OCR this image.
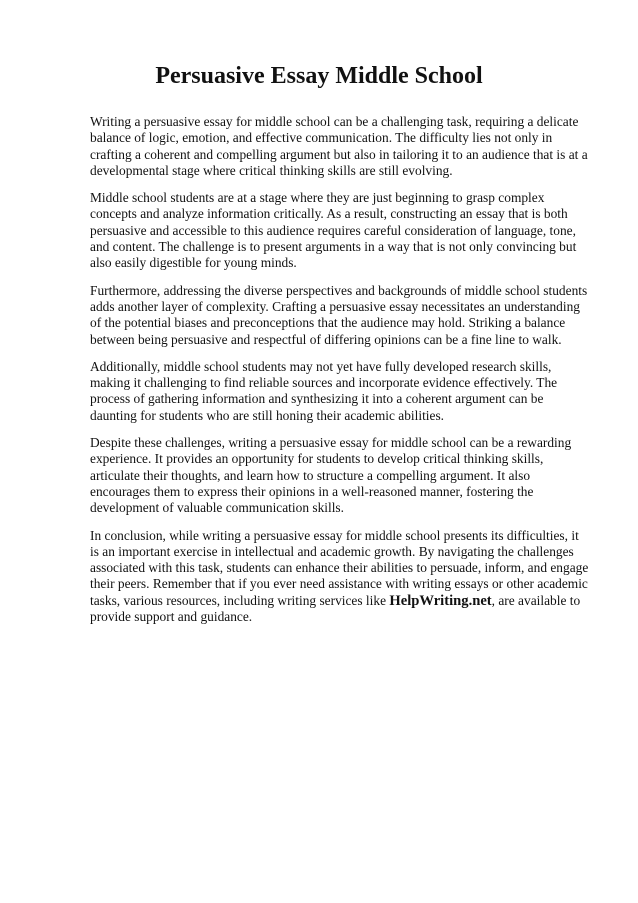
Persuasive Essay Middle School

Writing a persuasive essay for middle school can be a challenging task, requiring a delicate balance of logic, emotion, and effective communication. The difficulty lies not only in crafting a coherent and compelling argument but also in tailoring it to an audience that is at a developmental stage where critical thinking skills are still evolving.

Middle school students are at a stage where they are just beginning to grasp complex concepts and analyze information critically. As a result, constructing an essay that is both persuasive and accessible to this audience requires careful consideration of language, tone, and content. The challenge is to present arguments in a way that is not only convincing but also easily digestible for young minds.

Furthermore, addressing the diverse perspectives and backgrounds of middle school students adds another layer of complexity. Crafting a persuasive essay necessitates an understanding of the potential biases and preconceptions that the audience may hold. Striking a balance between being persuasive and respectful of differing opinions can be a fine line to walk.

Additionally, middle school students may not yet have fully developed research skills, making it challenging to find reliable sources and incorporate evidence effectively. The process of gathering information and synthesizing it into a coherent argument can be daunting for students who are still honing their academic abilities.

Despite these challenges, writing a persuasive essay for middle school can be a rewarding experience. It provides an opportunity for students to develop critical thinking skills, articulate their thoughts, and learn how to structure a compelling argument. It also encourages them to express their opinions in a well-reasoned manner, fostering the development of valuable communication skills.

In conclusion, while writing a persuasive essay for middle school presents its difficulties, it is an important exercise in intellectual and academic growth. By navigating the challenges associated with this task, students can enhance their abilities to persuade, inform, and engage their peers. Remember that if you ever need assistance with writing essays or other academic tasks, various resources, including writing services like HelpWriting.net, are available to provide support and guidance.
